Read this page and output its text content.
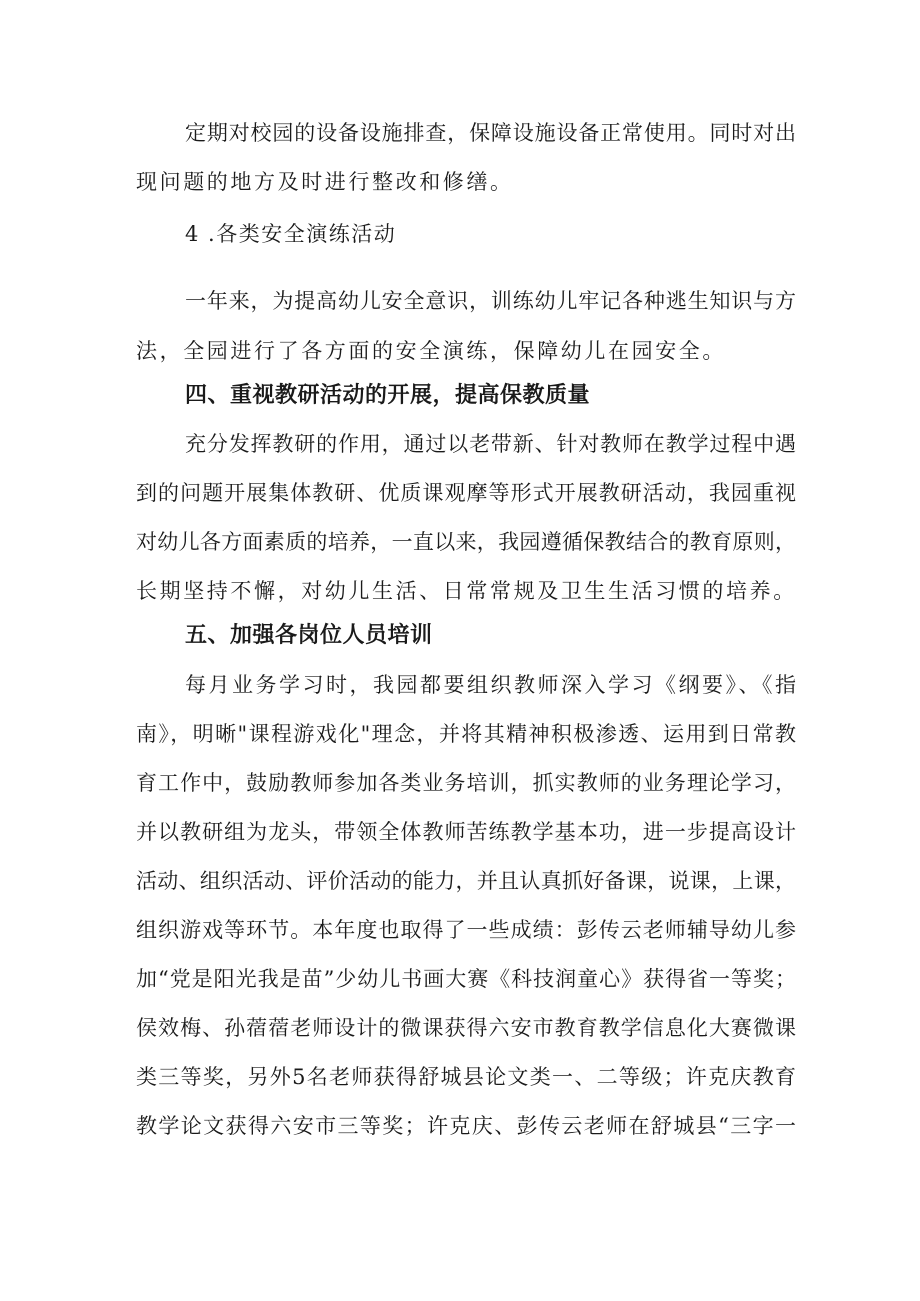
定期对校园的设备设施排查，保障设施设备正常使用。同时对出
现问题的地方及时进行整改和修缮。
4 .各类安全演练活动
一年来，为提高幼儿安全意识，训练幼儿牢记各种逃生知识与方
法，全园进行了各方面的安全演练，保障幼儿在园安全。
四、重视教研活动的开展，提高保教质量
充分发挥教研的作用，通过以老带新、针对教师在教学过程中遇
到的问题开展集体教研、优质课观摩等形式开展教研活动，我园重视
对幼儿各方面素质的培养，一直以来，我园遵循保教结合的教育原则，
长期坚持不懈，对幼儿生活、日常常规及卫生生活习惯的培养。
五、加强各岗位人员培训
每月业务学习时，我园都要组织教师深入学习《纲要》、《指
南》，明晰"课程游戏化"理念，并将其精神积极渗透、运用到日常教
育工作中，鼓励教师参加各类业务培训，抓实教师的业务理论学习，
并以教研组为龙头，带领全体教师苦练教学基本功，进一步提高设计
活动、组织活动、评价活动的能力，并且认真抓好备课，说课，上课，
组织游戏等环节。本年度也取得了一些成绩：彭传云老师辅导幼儿参
加“党是阳光我是苗”少幼儿书画大赛《科技润童心》获得省一等奖；
侯效梅、孙蓿蓿老师设计的微课获得六安市教育教学信息化大赛微课
类三等奖，另外5名老师获得舒城县论文类一、二等级；许克庆教育
教学论文获得六安市三等奖；许克庆、彭传云老师在舒城县“三字一
